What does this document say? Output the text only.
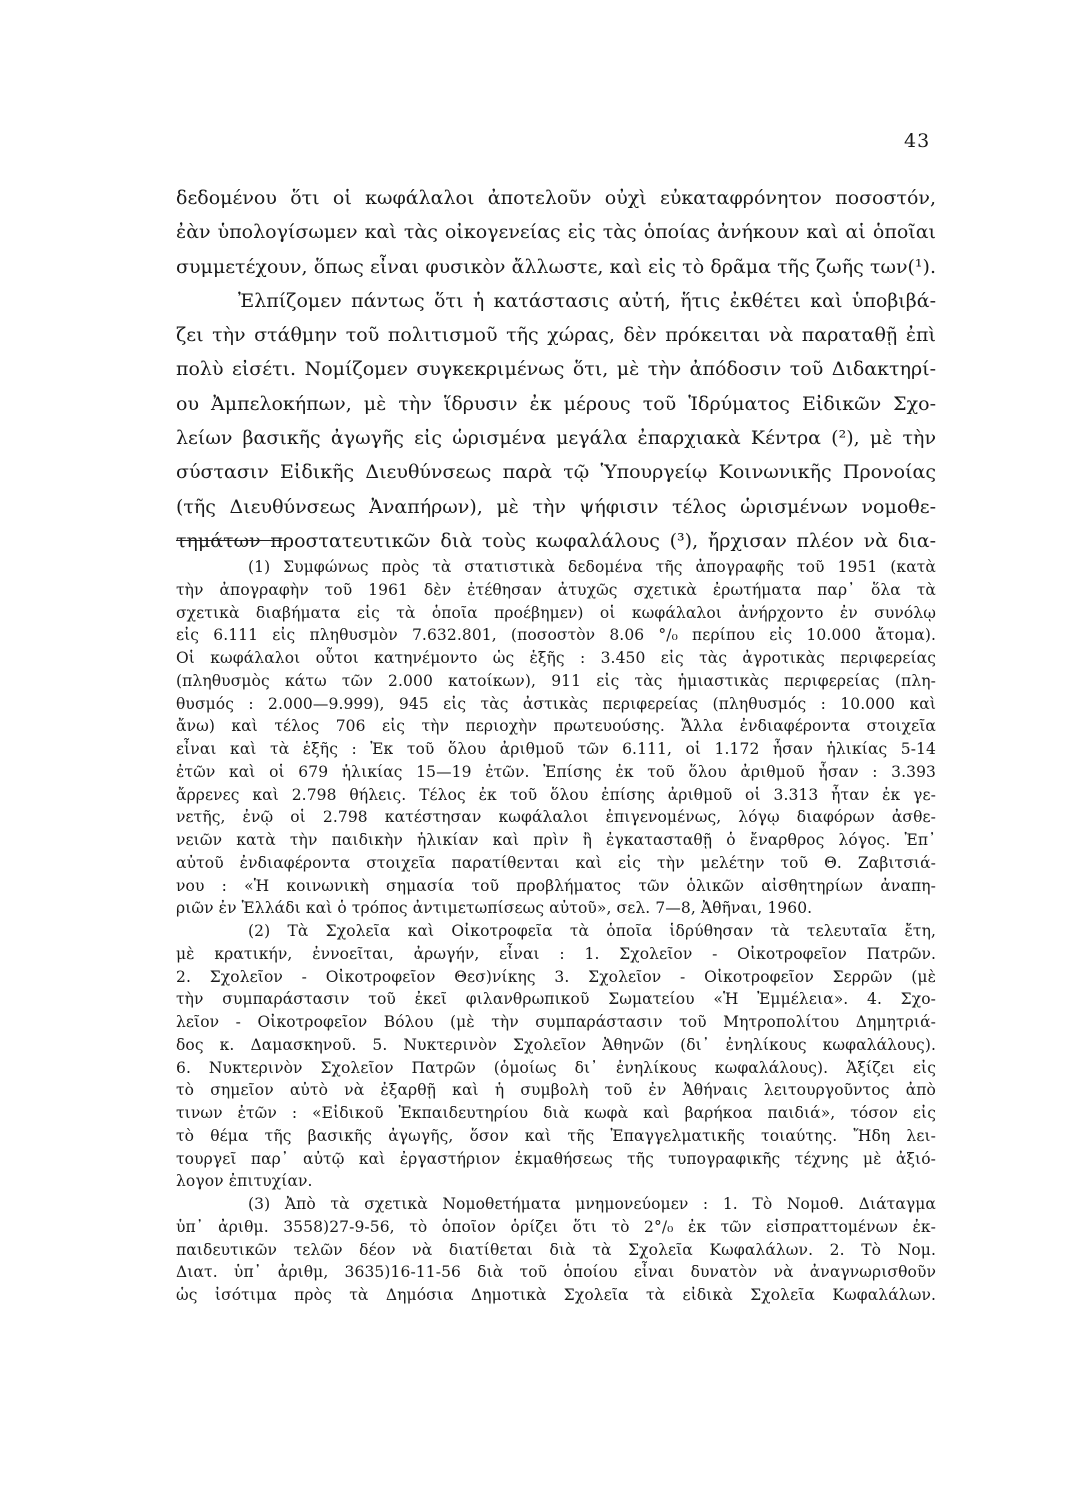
43
δεδομένου ὅτι οἱ κωφάλαλοι ἀποτελοῦν οὐχὶ εὐκαταφρόνητον ποσοστόν,
ἐὰν ὑπολογίσωμεν καὶ τὰς οἰκογενείας εἰς τὰς ὁποίας ἀνήκουν καὶ αἱ ὁποῖαι
συμμετέχουν, ὅπως εἶναι φυσικὸν ἄλλωστε, καὶ εἰς τὸ δρᾶμα τῆς ζωῆς των(¹).
Ἐλπίζομεν πάντως ὅτι ἡ κατάστασις αὐτή, ἥτις ἐκθέτει καὶ ὑποβιβά-
ζει τὴν στάθμην τοῦ πολιτισμοῦ τῆς χώρας, δὲν πρόκειται νὰ παραταθῇ ἐπὶ
πολὺ εἰσέτι. Νομίζομεν συγκεκριμένως ὅτι, μὲ τὴν ἀπόδοσιν τοῦ Διδακτηρί-
ου Ἀμπελοκήπων, μὲ τὴν ἵδρυσιν ἐκ μέρους τοῦ Ἱδρύματος Εἰδικῶν Σχο-
λείων βασικῆς ἀγωγῆς εἰς ὡρισμένα μεγάλα ἐπαρχιακὰ Κέντρα (²), μὲ τὴν
σύστασιν Εἰδικῆς Διευθύνσεως παρὰ τῷ Ὑπουργείῳ Κοινωνικῆς Προνοίας
(τῆς Διευθύνσεως Ἀναπήρων), μὲ τὴν ψήφισιν τέλος ὡρισμένων νομοθε-
τημάτων προστατευτικῶν διὰ τοὺς κωφαλάλους (³), ἤρχισαν πλέον νὰ δια-
(1) Συμφώνως πρὸς τὰ στατιστικὰ δεδομένα τῆς ἀπογραφῆς τοῦ 1951 (κατὰ
τὴν ἀπογραφὴν τοῦ 1961 δὲν ἐτέθησαν ἀτυχῶς σχετικὰ ἐρωτήματα παρ᾽ ὅλα τὰ
σχετικὰ διαβήματα εἰς τὰ ὁποῖα προέβημεν) οἱ κωφάλαλοι ἀνήρχοντο ἐν συνόλῳ
εἰς 6.111 εἰς πληθυσμὸν 7.632.801, (ποσοστὸν 8.06 °/₀ περίπου εἰς 10.000 ἄτομα).
Οἱ κωφάλαλοι οὗτοι κατηνέμοντο ὡς ἑξῆς : 3.450 εἰς τὰς ἀγροτικὰς περιφερείας
(πληθυσμὸς κάτω τῶν 2.000 κατοίκων), 911 εἰς τὰς ἡμιαστικὰς περιφερείας (πλη-
θυσμός : 2.000—9.999), 945 εἰς τὰς ἀστικὰς περιφερείας (πληθυσμός : 10.000 καὶ
ἄνω) καὶ τέλος 706 εἰς τὴν περιοχὴν πρωτευούσης. Ἄλλα ἐνδιαφέροντα στοιχεῖα
εἶναι καὶ τὰ ἑξῆς : Ἐκ τοῦ ὅλου ἀριθμοῦ τῶν 6.111, οἱ 1.172 ἦσαν ἡλικίας 5-14
ἐτῶν καὶ οἱ 679 ἡλικίας 15—19 ἐτῶν. Ἐπίσης ἐκ τοῦ ὅλου ἀριθμοῦ ἦσαν : 3.393
ἄρρενες καὶ 2.798 θήλεις. Τέλος ἐκ τοῦ ὅλου ἐπίσης ἀριθμοῦ οἱ 3.313 ἦταν ἐκ γε-
νετῆς, ἐνῷ οἱ 2.798 κατέστησαν κωφάλαλοι ἐπιγενομένως, λόγῳ διαφόρων ἀσθε-
νειῶν κατὰ τὴν παιδικὴν ἡλικίαν καὶ πρὶν ἢ ἐγκατασταθῇ ὁ ἔναρθρος λόγος. Ἐπ᾽
αὐτοῦ ἐνδιαφέροντα στοιχεῖα παρατίθενται καὶ εἰς τὴν μελέτην τοῦ Θ. Ζαβιτσιά-
νου : «Ἡ κοινωνικὴ σημασία τοῦ προβλήματος τῶν ὁλικῶν αἰσθητηρίων ἀναπη-
ριῶν ἐν Ἑλλάδι καὶ ὁ τρόπος ἀντιμετωπίσεως αὐτοῦ», σελ. 7—8, Ἀθῆναι, 1960.
(2) Τὰ Σχολεῖα καὶ Οἰκοτροφεῖα τὰ ὁποῖα ἱδρύθησαν τὰ τελευταῖα ἔτη,
μὲ κρατικήν, ἐννοεῖται, ἀρωγήν, εἶναι : 1. Σχολεῖον - Οἰκοτροφεῖον Πατρῶν.
2. Σχολεῖον - Οἰκοτροφεῖον Θεσ)νίκης 3. Σχολεῖον - Οἰκοτροφεῖον Σερρῶν (μὲ
τὴν συμπαράστασιν τοῦ ἐκεῖ φιλανθρωπικοῦ Σωματείου «Ἡ Ἐμμέλεια». 4. Σχο-
λεῖον - Οἰκοτροφεῖον Βόλου (μὲ τὴν συμπαράστασιν τοῦ Μητροπολίτου Δημητριά-
δος κ. Δαμασκηνοῦ. 5. Νυκτερινὸν Σχολεῖον Ἀθηνῶν (δι᾽ ἐνηλίκους κωφαλάλους).
6. Νυκτερινὸν Σχολεῖον Πατρῶν (ὁμοίως δι᾽ ἐνηλίκους κωφαλάλους). Ἀξίζει εἰς
τὸ σημεῖον αὐτὸ νὰ ἐξαρθῇ καὶ ἡ συμβολὴ τοῦ ἐν Ἀθήναις λειτουργοῦντος ἀπὸ
τινων ἐτῶν : «Εἰδικοῦ Ἐκπαιδευτηρίου διὰ κωφὰ καὶ βαρήκοα παιδιά», τόσον εἰς
τὸ θέμα τῆς βασικῆς ἀγωγῆς, ὅσον καὶ τῆς Ἐπαγγελματικῆς τοιαύτης. Ἤδη λει-
τουργεῖ παρ᾽ αὐτῷ καὶ ἐργαστήριον ἐκμαθήσεως τῆς τυπογραφικῆς τέχνης μὲ ἀξιό-
λογον ἐπιτυχίαν.
(3) Ἀπὸ τὰ σχετικὰ Νομοθετήματα μνημονεύομεν : 1. Τὸ Νομοθ. Διάταγμα
ὑπ᾽ ἀριθμ. 3558)27-9-56, τὸ ὁποῖον ὁρίζει ὅτι τὸ 2°/₀ ἐκ τῶν εἰσπραττομένων ἐκ-
παιδευτικῶν τελῶν δέον νὰ διατίθεται διὰ τὰ Σχολεῖα Κωφαλάλων. 2. Τὸ Νομ.
Διατ. ὑπ᾽ ἀριθμ, 3635)16-11-56 διὰ τοῦ ὁποίου εἶναι δυνατὸν νὰ ἀναγνωρισθοῦν
ὡς ἰσότιμα πρὸς τὰ Δημόσια Δημοτικὰ Σχολεῖα τὰ εἰδικὰ Σχολεῖα Κωφαλάλων.
